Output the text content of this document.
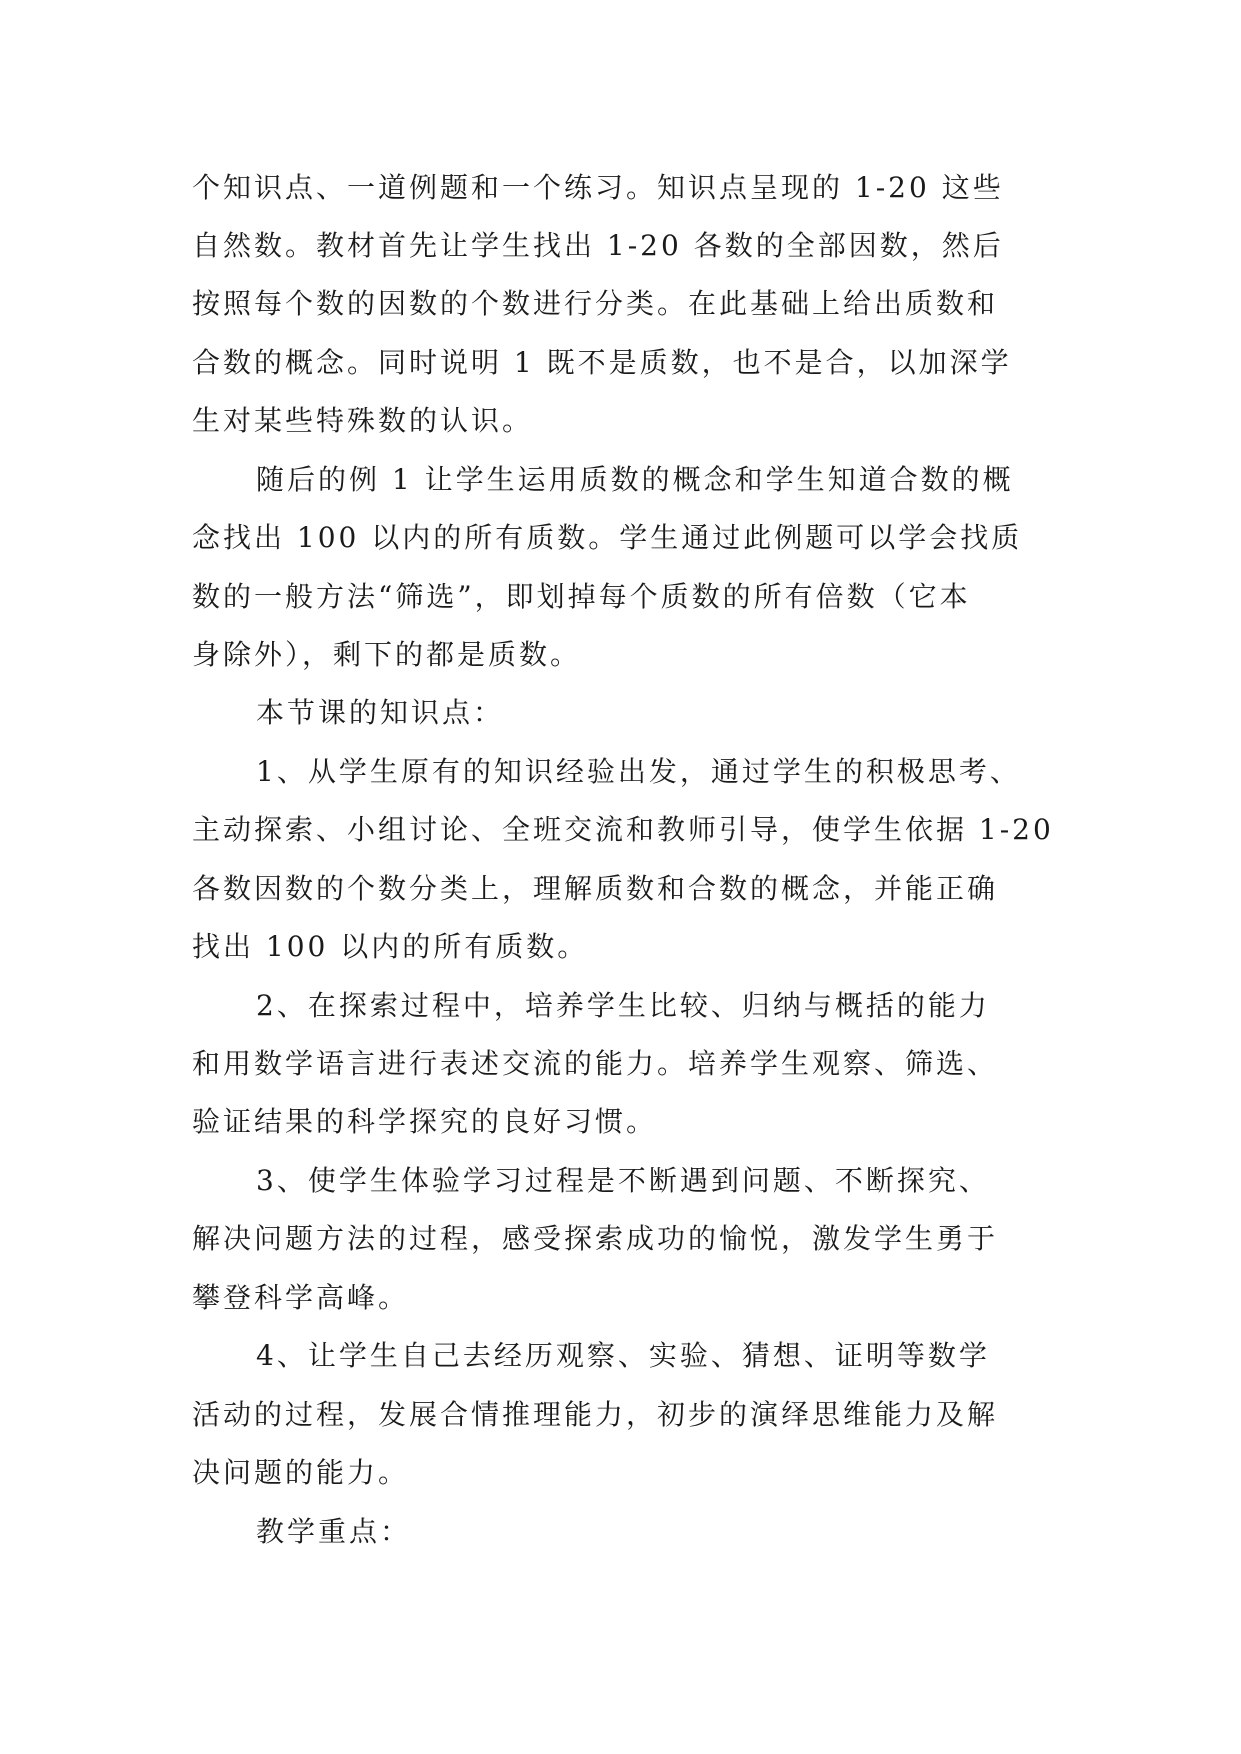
个知识点、一道例题和一个练习。知识点呈现的 1-20 这些

自然数。教材首先让学生找出 1-20 各数的全部因数，然后

按照每个数的因数的个数进行分类。在此基础上给出质数和

合数的概念。同时说明 1 既不是质数，也不是合，以加深学

生对某些特殊数的认识。

随后的例 1 让学生运用质数的概念和学生知道合数的概

念找出 100 以内的所有质数。学生通过此例题可以学会找质

数的一般方法“筛选”，即划掉每个质数的所有倍数（它本

身除外），剩下的都是质数。

本节课的知识点：

1、从学生原有的知识经验出发，通过学生的积极思考、

主动探索、小组讨论、全班交流和教师引导，使学生依据 1-20

各数因数的个数分类上，理解质数和合数的概念，并能正确

找出 100 以内的所有质数。

2、在探索过程中，培养学生比较、归纳与概括的能力

和用数学语言进行表述交流的能力。培养学生观察、筛选、

验证结果的科学探究的良好习惯。

3、使学生体验学习过程是不断遇到问题、不断探究、

解决问题方法的过程，感受探索成功的愉悦，激发学生勇于

攀登科学高峰。

4、让学生自己去经历观察、实验、猜想、证明等数学

活动的过程，发展合情推理能力，初步的演绎思维能力及解

决问题的能力。

教学重点：
